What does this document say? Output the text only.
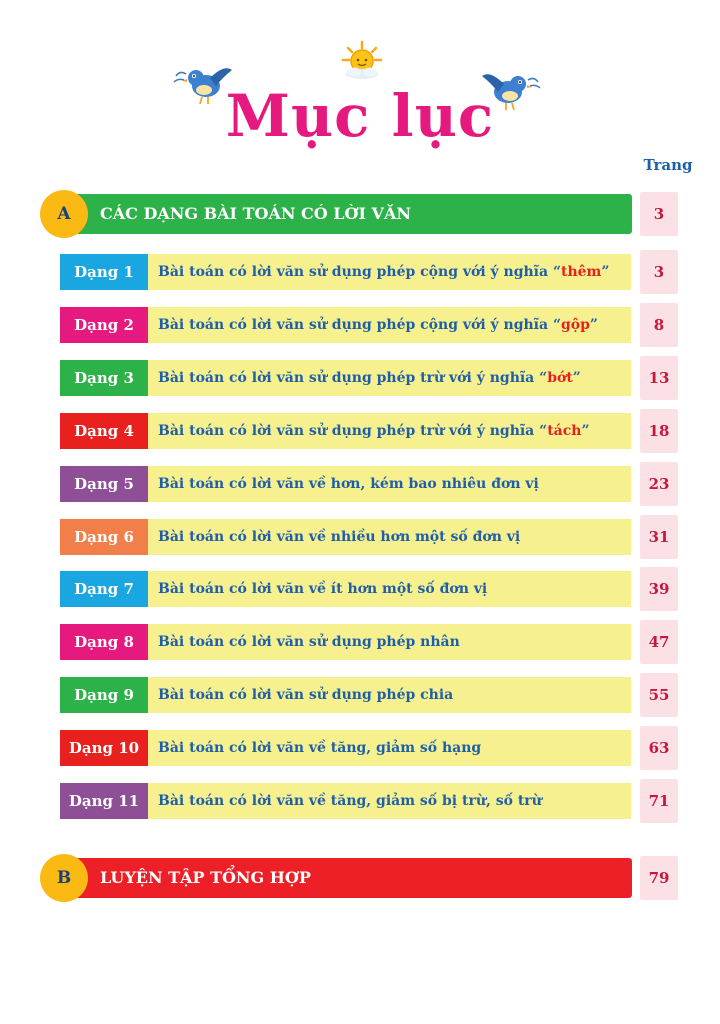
Mục lục
Trang
A	CÁC DẠNG BÀI TOÁN CÓ LỜI VĂN	3
Dạng 1	Bài toán có lời văn sử dụng phép cộng với ý nghĩa “thêm”	3
Dạng 2	Bài toán có lời văn sử dụng phép cộng với ý nghĩa “gộp”	8
Dạng 3	Bài toán có lời văn sử dụng phép trừ với ý nghĩa “bớt”	13
Dạng 4	Bài toán có lời văn sử dụng phép trừ với ý nghĩa “tách”	18
Dạng 5	Bài toán có lời văn về hơn, kém bao nhiêu đơn vị	23
Dạng 6	Bài toán có lời văn về nhiều hơn một số đơn vị	31
Dạng 7	Bài toán có lời văn về ít hơn một số đơn vị	39
Dạng 8	Bài toán có lời văn sử dụng phép nhân	47
Dạng 9	Bài toán có lời văn sử dụng phép chia	55
Dạng 10	Bài toán có lời văn về tăng, giảm số hạng	63
Dạng 11	Bài toán có lời văn về tăng, giảm số bị trừ, số trừ	71
B	LUYỆN TẬP TỔNG HỢP	79
